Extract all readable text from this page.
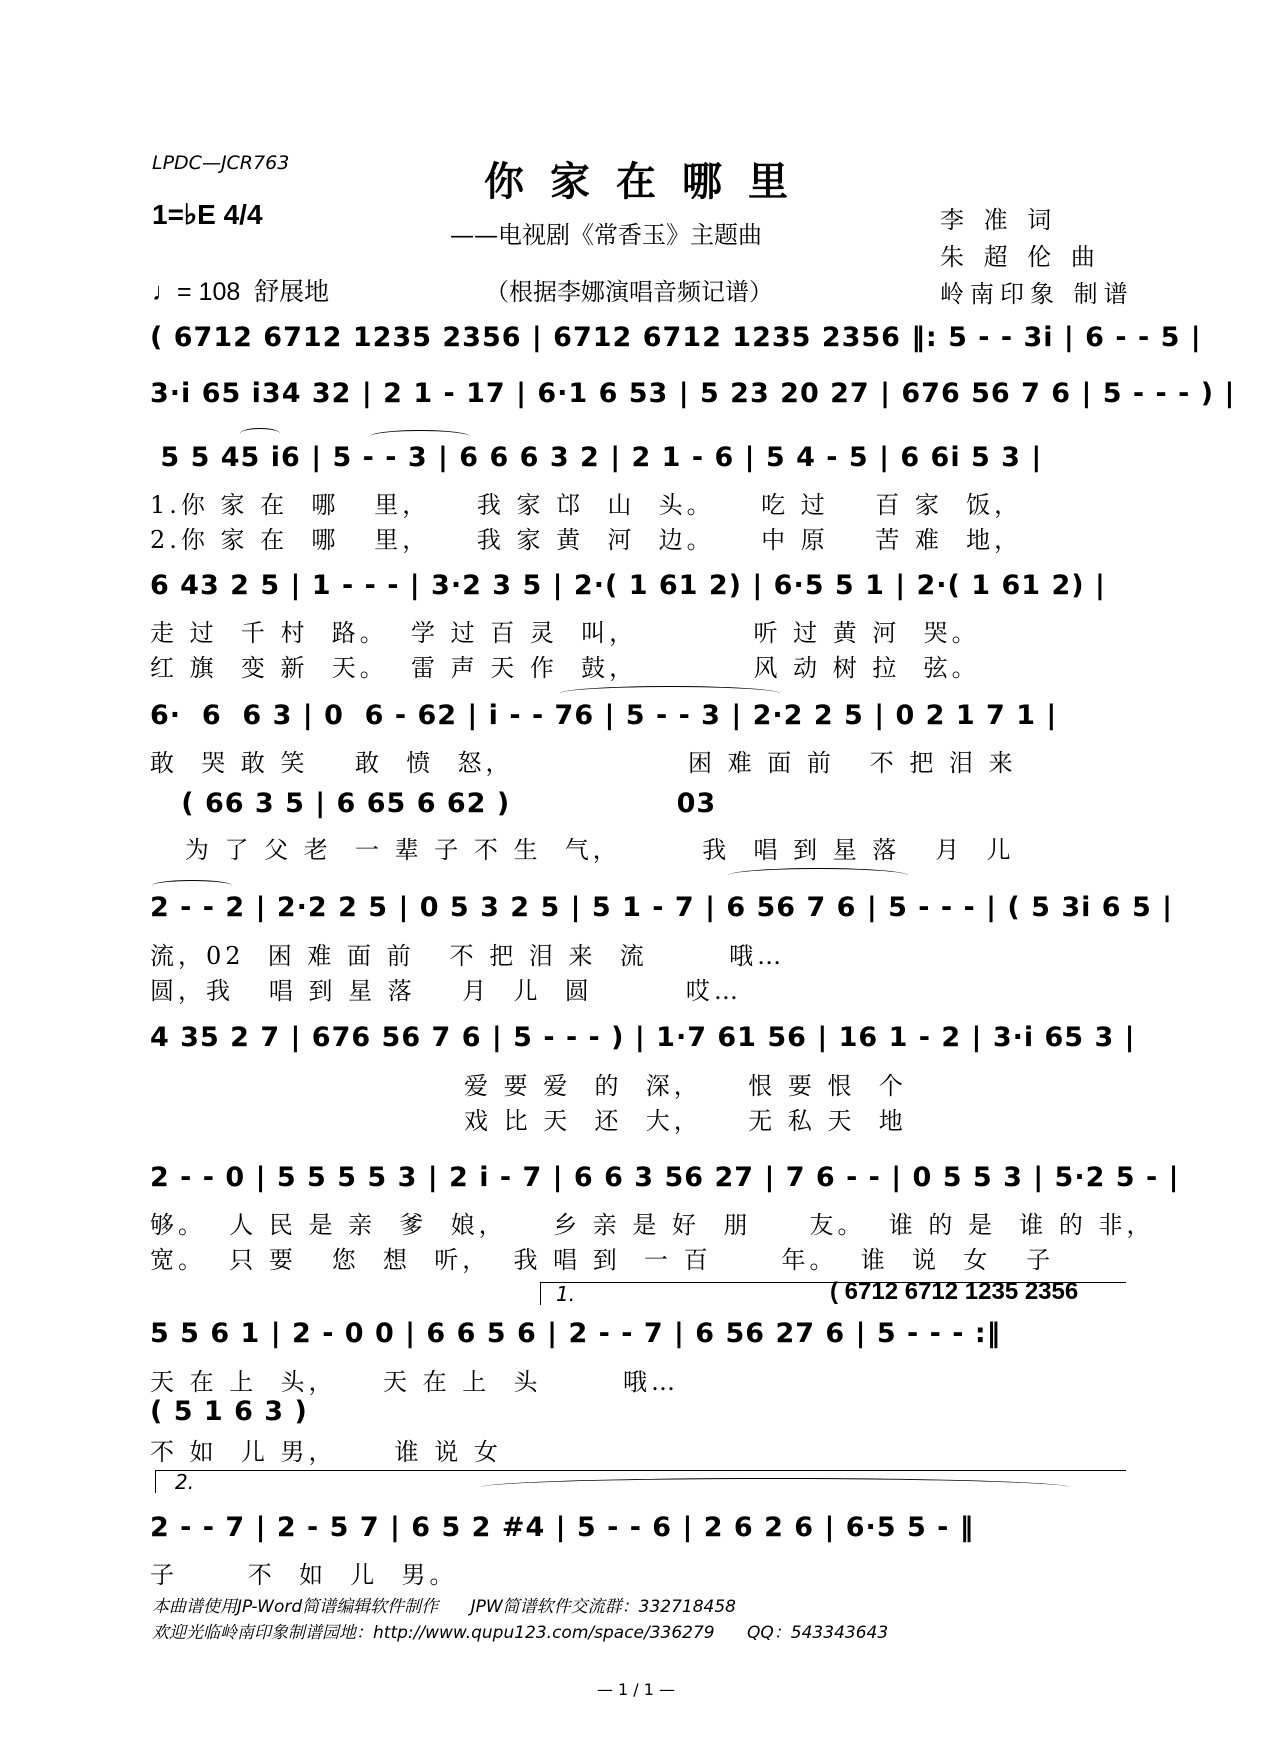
LPDC—JCR763	你家在哪里
——电视剧《常香玉》主题曲
（根据李娜演唱音频记谱）
1=♭E 4/4
♩= 108  舒展地
李 准 词
朱 超 伦 曲
岭南印象 制谱
( 6712 6712 1235 2356 | 6712 6712 1235 2356 ‖: 5 - - 3i | 6 - - 5 |
3·i 65 i34 32 | 2 1 - 17 | 6·1 6 53 | 5 23 20 27 | 676 56 7 6 | 5 - - - ) |
5 5 45 i6 | 5 - - 3 | 6 6 6 3 2 | 2 1 - 6 | 5 4 - 5 | 6 6i 5 3 |
1.你 家 在  哪   里，    我 家 邙  山  头。    吃 过    百 家  饭，
2.你 家 在  哪   里，    我 家 黄  河  边。    中 原    苦 难  地，
6 43 2 5 | 1 - - - | 3·2 3 5 | 2·( 1 61 2) | 6·5 5 1 | 2·( 1 61 2) |
走 过  千 村  路。  学 过 百 灵  叫，          听 过 黄 河  哭。
红 旗  变 新  天。  雷 声 天 作  鼓，          风 动 树 拉  弦。
6·  6  6 3 | 0  6 - 62 | i - - 76 | 5 - - 3 | 2·2 2 5 | 0 2 1 7 1 |
敢  哭 敢 笑    敢  愤  怒，               困 难 面 前   不 把 泪 来
( 66 3 5 | 6 65 6 62 )                03
为 了 父 老  一 辈 子 不 生  气，       我  唱 到 星 落   月  儿
2 - - 2 | 2·2 2 5 | 0 5 3 2 5 | 5 1 - 7 | 6 56 7 6 | 5 - - - | ( 5 3i 6 5 |
流，02  困 难 面 前   不 把 泪 来  流       哦…
圆，我   唱 到 星 落    月  儿  圆        哎…
4 35 2 7 | 676 56 7 6 | 5 - - - ) | 1·7 61 56 | 16 1 - 2 | 3·i 65 3 |
爱 要 爱  的  深，    恨 要 恨  个
戏 比 天  还  大，    无 私 天  地
2 - - 0 | 5 5 5 5 3 | 2 i - 7 | 6 6 3 56 27 | 7 6 - - | 0 5 5 3 | 5·2 5 - |
够。  人 民 是 亲  爹  娘，    乡 亲 是 好  朋     友。  谁 的 是  谁 的 非，
宽。  只 要   您  想  听，  我 唱 到  一 百      年。  谁  说  女   子
1.	( 6712 6712 1235 2356
5 5 6 1 | 2 - 0 0 | 6 6 5 6 | 2 - - 7 | 6 56 27 6 | 5 - - - :‖
天 在 上  头，    天 在 上  头       哦…
( 5 1 6 3 )
不 如  儿 男，     谁 说 女
2.
2 - - 7 | 2 - 5 7 | 6 5 2 #4 | 5 - - 6 | 2 6 2 6 | 6·5 5 - ‖
子      不  如  儿  男。
本曲谱使用JP-Word简谱编辑软件制作      JPW简谱软件交流群：332718458
欢迎光临岭南印象制谱园地：http://www.qupu123.com/space/336279      QQ：543343643
— 1 / 1 —
